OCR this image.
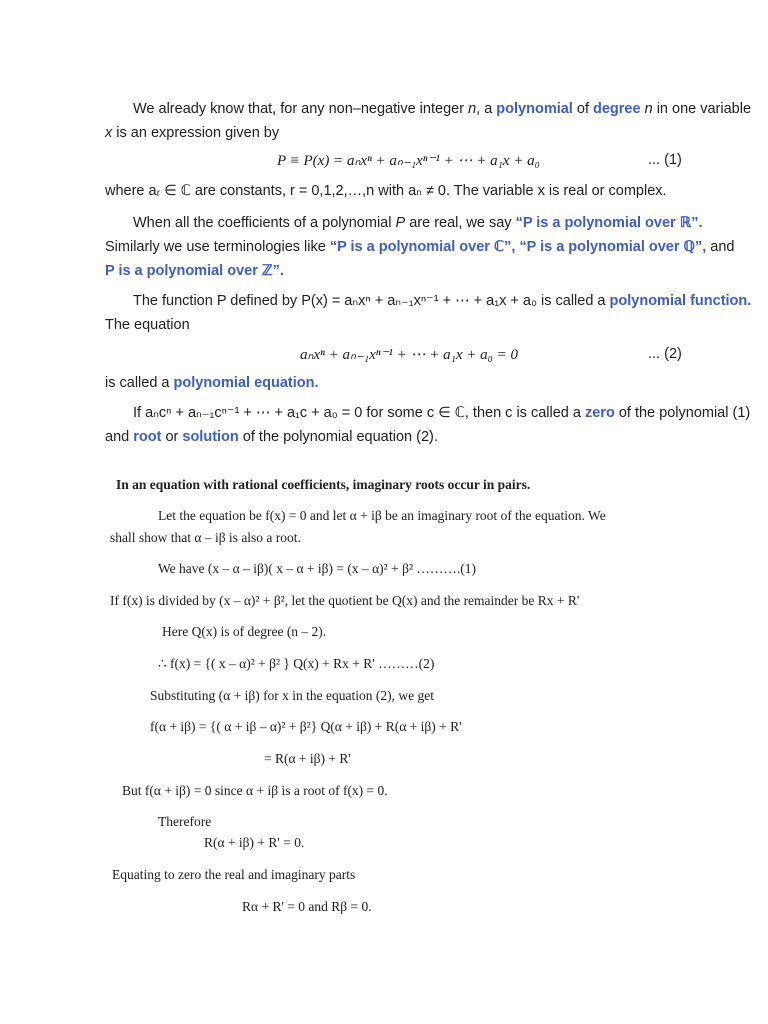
We already know that, for any non–negative integer n, a polynomial of degree n in one variable
x is an expression given by
P ≡ P(x) = aₙxⁿ + aₙ₋₁xⁿ⁻¹ + ⋯ + a₁x + a₀	... (1)
where aᵣ ∈ ℂ are constants, r = 0,1,2,…,n with aₙ ≠ 0. The variable x is real or complex.
When all the coefficients of a polynomial P are real, we say “P is a polynomial over ℝ”.
Similarly we use terminologies like “P is a polynomial over ℂ”, “P is a polynomial over ℚ”, and
P is a polynomial over ℤ”.
The function P defined by P(x) = aₙxⁿ + aₙ₋₁xⁿ⁻¹ + ⋯ + a₁x + a₀ is called a polynomial function.
The equation
aₙxⁿ + aₙ₋₁xⁿ⁻¹ + ⋯ + a₁x + a₀ = 0	... (2)
is called a polynomial equation.
If aₙcⁿ + aₙ₋₁cⁿ⁻¹ + ⋯ + a₁c + a₀ = 0 for some c ∈ ℂ, then c is called a zero of the polynomial (1)
and root or solution of the polynomial equation (2).
In an equation with rational coefficients, imaginary roots occur in pairs.
Let the equation be f(x) = 0 and let α + iβ be an imaginary root of the equation. We
shall show that α – iβ is also a root.
We have (x – α – iβ)( x – α + iβ) = (x – α)² + β² ……….(1)
If f(x) is divided by (x – α)² + β², let the quotient be Q(x) and the remainder be Rx + R'
Here Q(x) is of degree (n – 2).
∴ f(x) = {( x – α)² + β² } Q(x) + Rx + R' ………(2)
Substituting (α + iβ) for x in the equation (2), we get
f(α + iβ) = {( α + iβ – α)² + β²} Q(α + iβ) + R(α + iβ) + R'
= R(α + iβ) + R'
But f(α + iβ) = 0 since α + iβ is a root of f(x) = 0.
Therefore
R(α + iβ) + R' = 0.
Equating to zero the real and imaginary parts
Rα + R' = 0 and Rβ = 0.
